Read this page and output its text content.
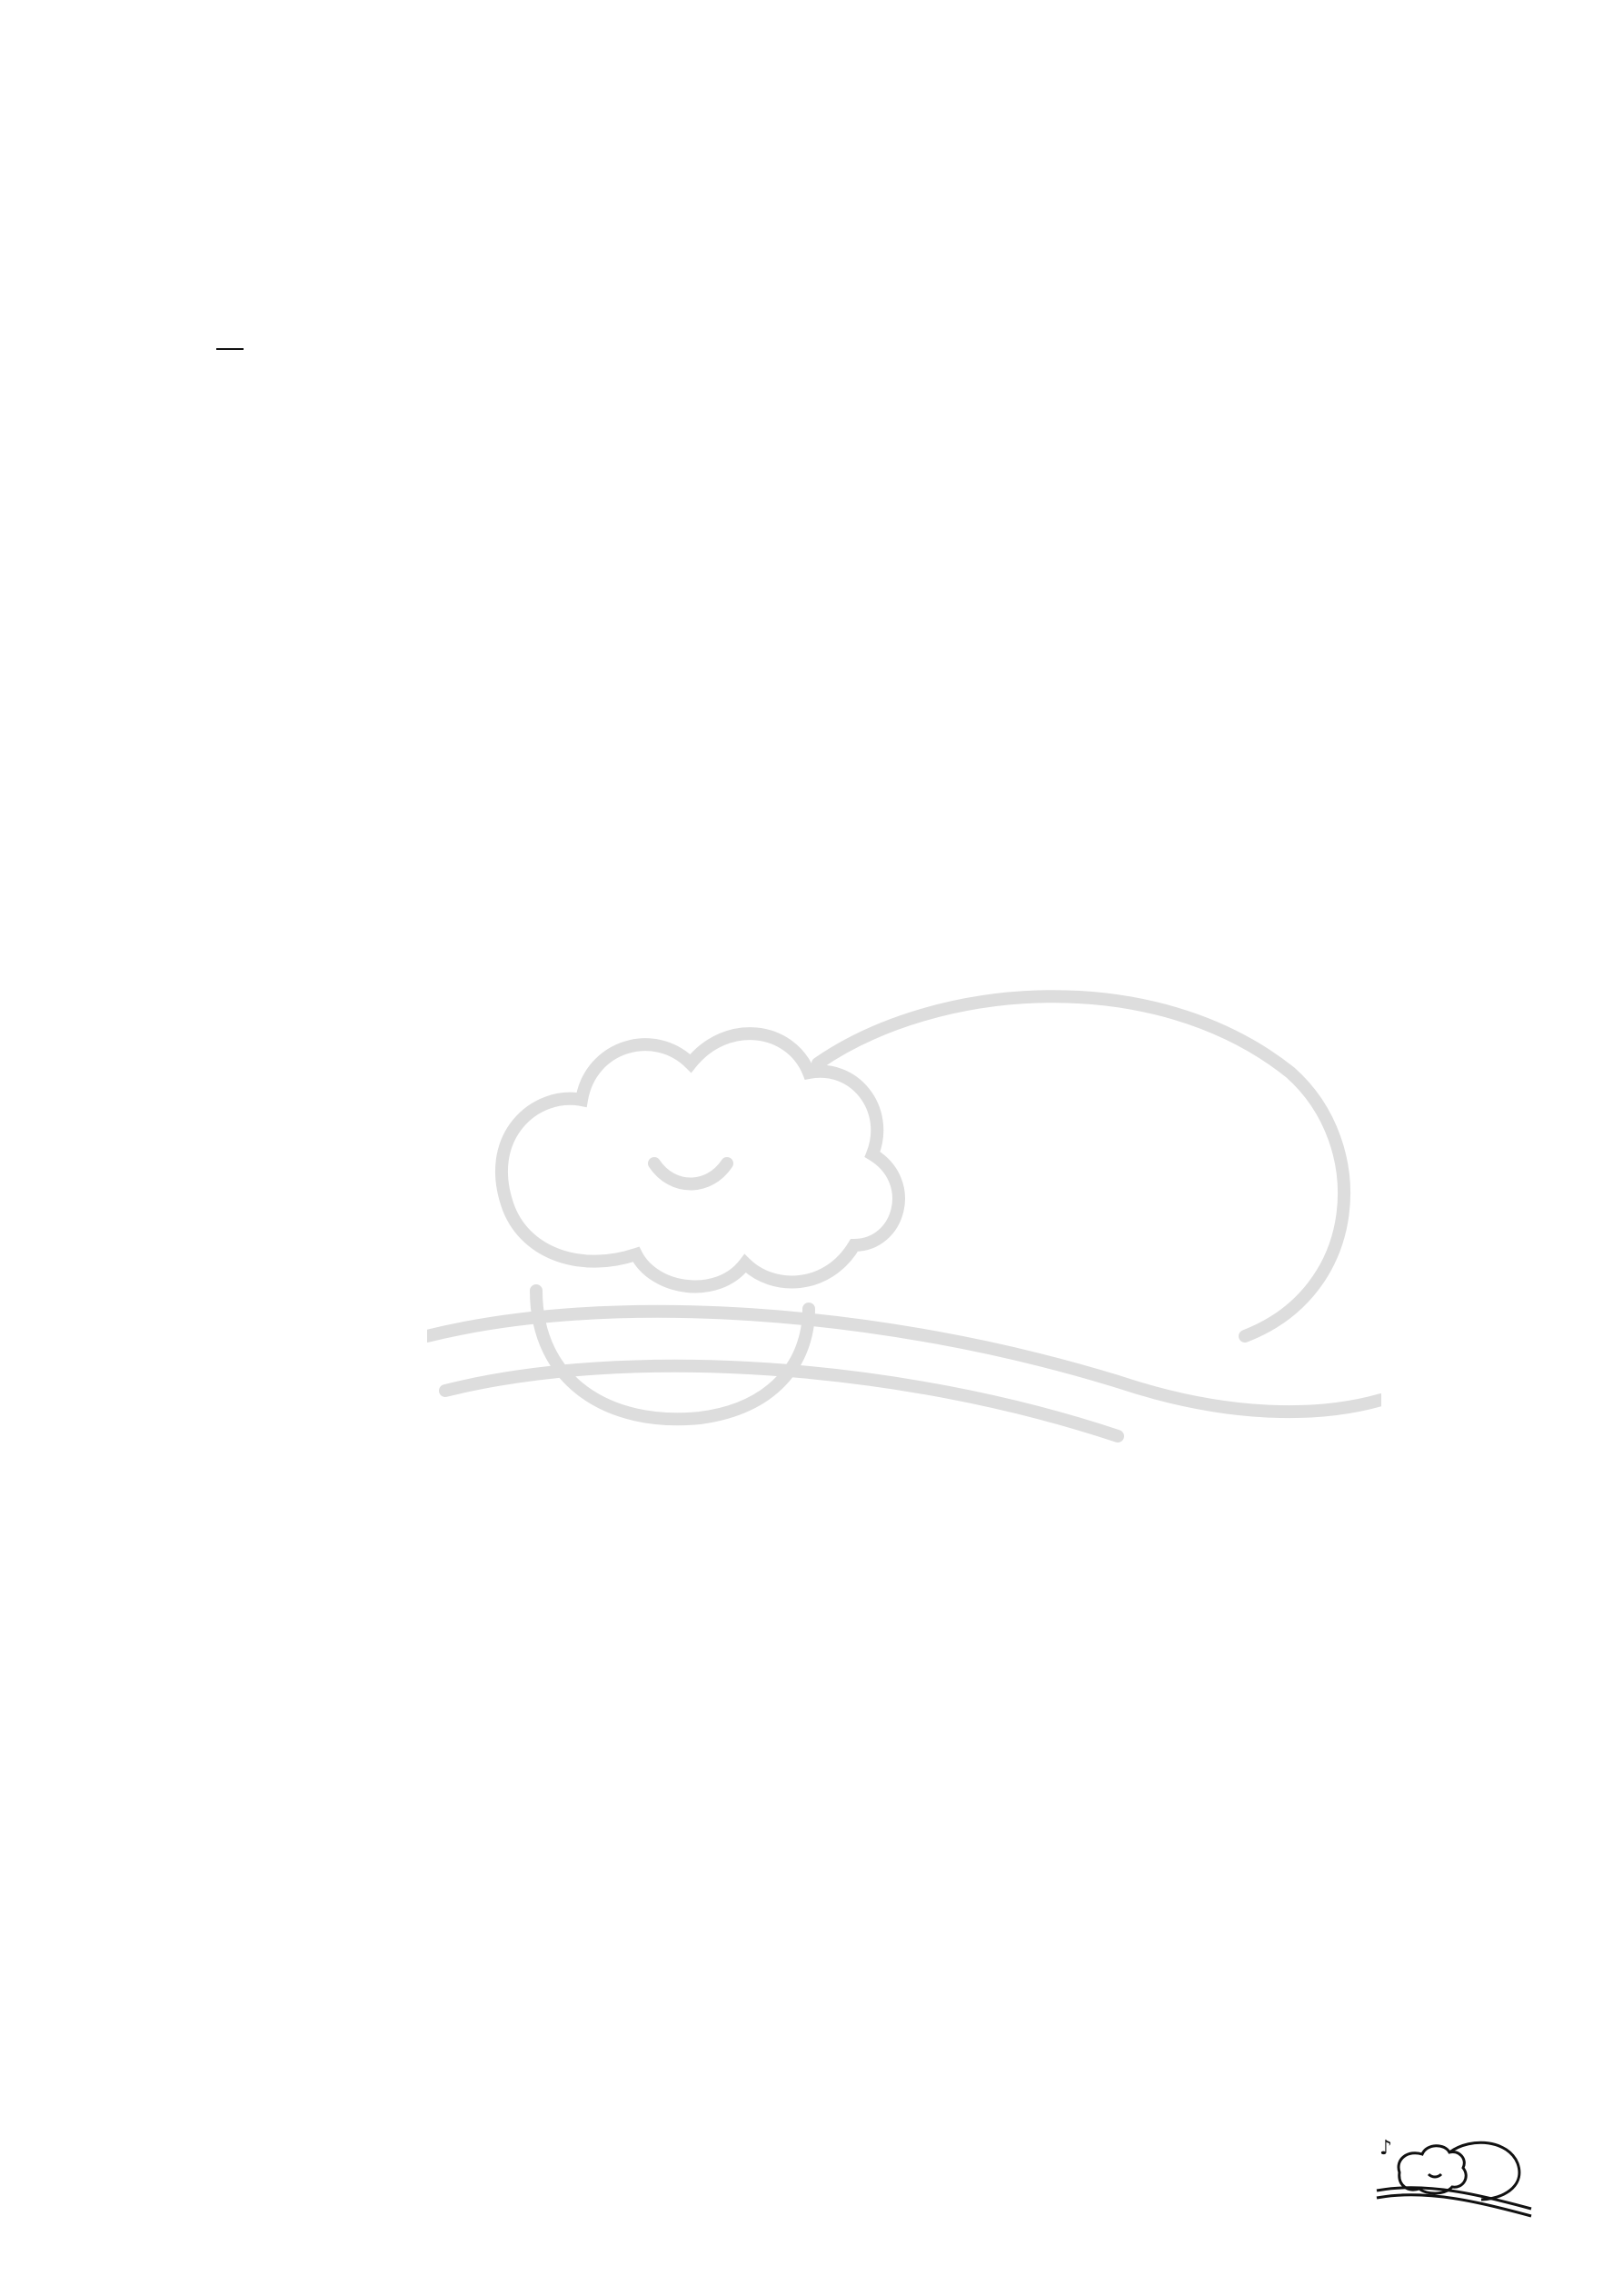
♪
